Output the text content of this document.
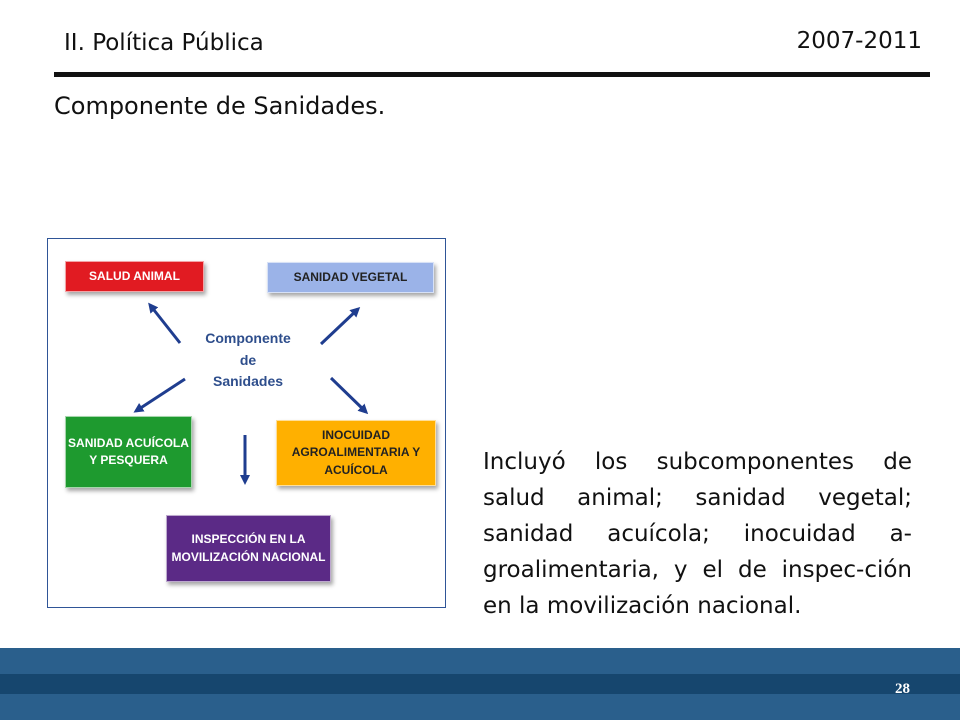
II. Política Pública	2007-2011
Componente de Sanidades.
SALUD ANIMAL	SANIDAD VEGETAL
SANIDAD ACUÍCOLA Y PESQUERA
INOCUIDAD AGROALIMENTARIA Y ACUÍCOLA
INSPECCIÓN EN LA MOVILIZACIÓN NACIONAL
Componente
de
Sanidades
Incluyó los subcomponentes de salud animal; sanidad vegetal; sanidad acuícola; inocuidad a-groalimentaria, y el de inspec-ción en la movilización nacional.
28
